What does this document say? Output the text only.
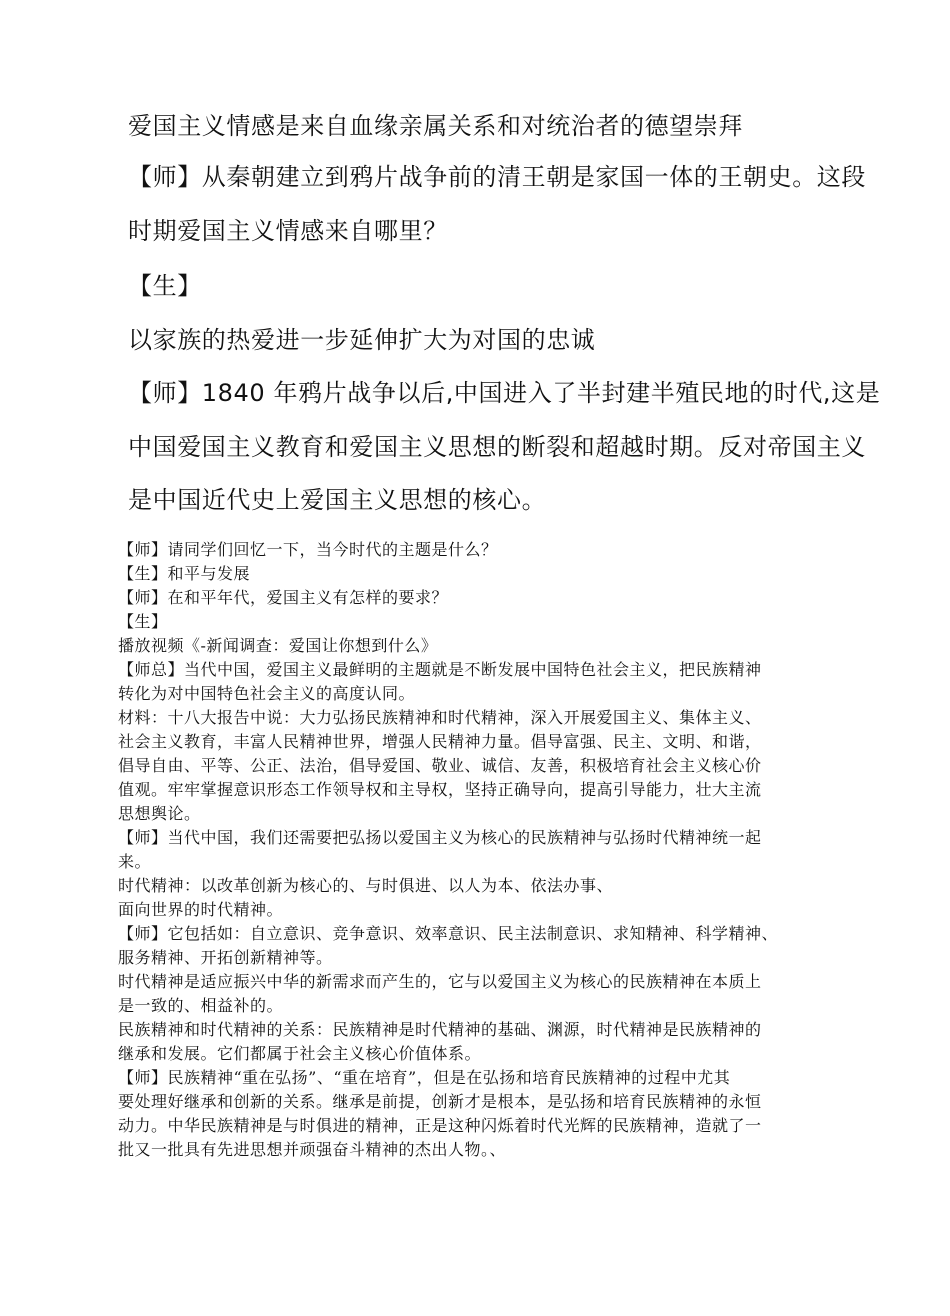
爱国主义情感是来自血缘亲属关系和对统治者的德望崇拜

【师】从秦朝建立到鸦片战争前的清王朝是家国一体的王朝史。这段

时期爱国主义情感来自哪里？

【生】

以家族的热爱进一步延伸扩大为对国的忠诚

【师】1840 年鸦片战争以后,中国进入了半封建半殖民地的时代,这是

中国爱国主义教育和爱国主义思想的断裂和超越时期。反对帝国主义

是中国近代史上爱国主义思想的核心。

【师】请同学们回忆一下，当今时代的主题是什么？

【生】和平与发展

【师】在和平年代，爱国主义有怎样的要求？

【生】

播放视频《-新闻调查：爱国让你想到什么》

【师总】当代中国，爱国主义最鲜明的主题就是不断发展中国特色社会主义，把民族精神

转化为对中国特色社会主义的高度认同。

材料：十八大报告中说：大力弘扬民族精神和时代精神，深入开展爱国主义、集体主义、

社会主义教育，丰富人民精神世界，增强人民精神力量。倡导富强、民主、文明、和谐，

倡导自由、平等、公正、法治，倡导爱国、敬业、诚信、友善，积极培育社会主义核心价

值观。牢牢掌握意识形态工作领导权和主导权，坚持正确导向，提高引导能力，壮大主流

思想舆论。

【师】当代中国，我们还需要把弘扬以爱国主义为核心的民族精神与弘扬时代精神统一起

来。

时代精神：以改革创新为核心的、与时俱进、以人为本、依法办事、

面向世界的时代精神。

【师】它包括如：自立意识、竞争意识、效率意识、民主法制意识、求知精神、科学精神、

服务精神、开拓创新精神等。

时代精神是适应振兴中华的新需求而产生的，它与以爱国主义为核心的民族精神在本质上

是一致的、相益补的。

民族精神和时代精神的关系：民族精神是时代精神的基础、渊源，时代精神是民族精神的

继承和发展。它们都属于社会主义核心价值体系。

【师】民族精神“重在弘扬”、“重在培育”，但是在弘扬和培育民族精神的过程中尤其

要处理好继承和创新的关系。继承是前提，创新才是根本，是弘扬和培育民族精神的永恒

动力。中华民族精神是与时俱进的精神，正是这种闪烁着时代光辉的民族精神，造就了一

批又一批具有先进思想并顽强奋斗精神的杰出人物。、
